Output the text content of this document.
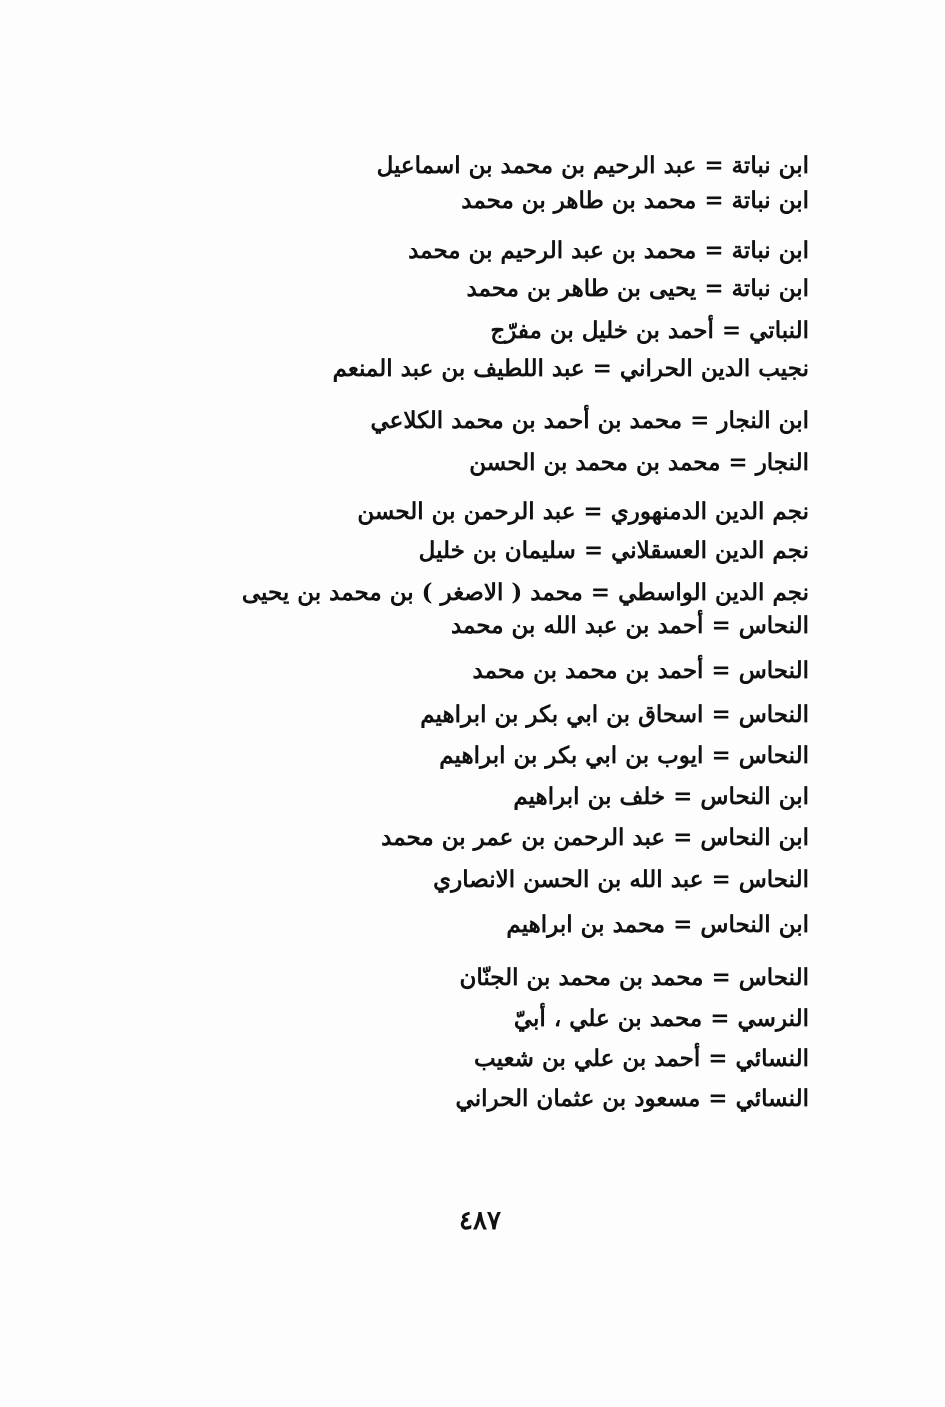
ابن نباتة = عبد الرحيم بن محمد بن اسماعيل
ابن نباتة = محمد بن طاهر بن محمد
ابن نباتة = محمد بن عبد الرحيم بن محمد
ابن نباتة = يحيى بن طاهر بن محمد
النباتي = أحمد بن خليل بن مفرّج
نجيب الدين الحراني = عبد اللطيف بن عبد المنعم
ابن النجار = محمد بن أحمد بن محمد الكلاعي
النجار = محمد بن محمد بن الحسن
نجم الدين الدمنهوري = عبد الرحمن بن الحسن
نجم الدين العسقلاني = سليمان بن خليل
نجم الدين الواسطي = محمد ( الاصغر ) بن محمد بن يحيى
النحاس = أحمد بن عبد الله بن محمد
النحاس = أحمد بن محمد بن محمد
النحاس = اسحاق بن ابي بكر بن ابراهيم
النحاس = ايوب بن ابي بكر بن ابراهيم
ابن النحاس = خلف بن ابراهيم
ابن النحاس = عبد الرحمن بن عمر بن محمد
النحاس = عبد الله بن الحسن الانصاري
ابن النحاس = محمد بن ابراهيم
النحاس = محمد بن محمد بن الجنّان
النرسي = محمد بن علي ، أبيّ
النسائي = أحمد بن علي بن شعيب
النسائي = مسعود بن عثمان الحراني
٤٨٧
